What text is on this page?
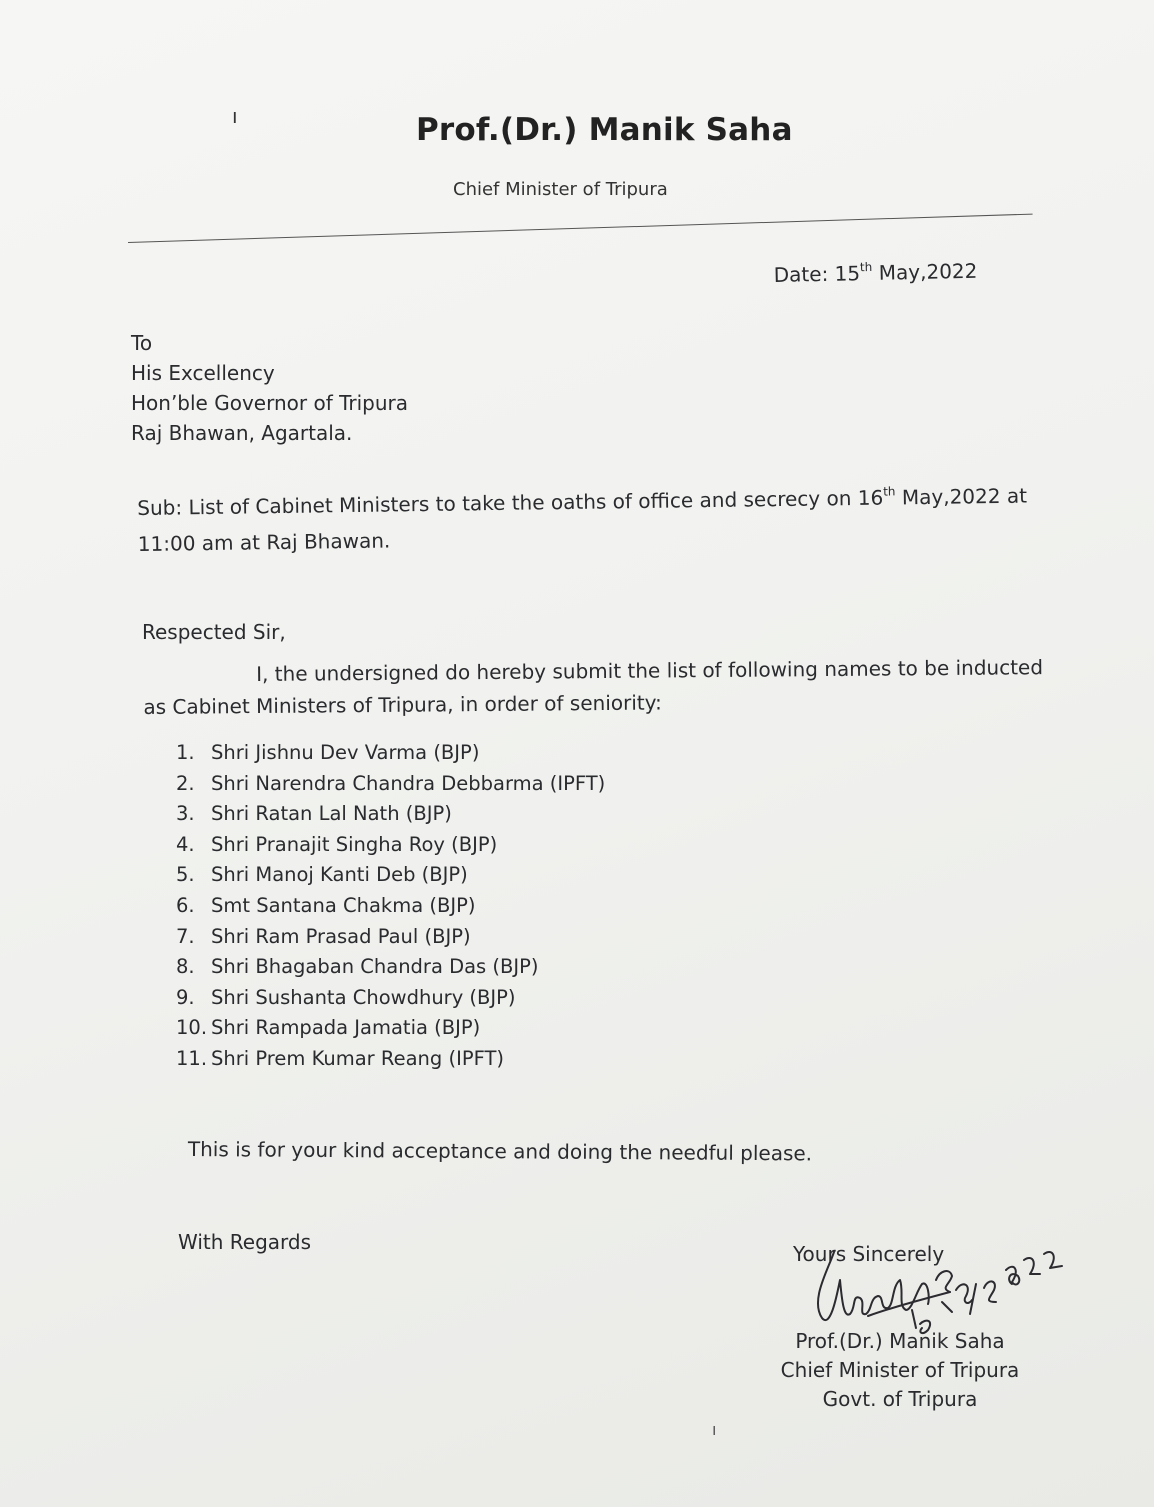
ı	Prof.(Dr.) Manik Saha
Chief Minister of Tripura
Date: 15th May,2022
To
His Excellency
Hon’ble Governor of Tripura
Raj Bhawan, Agartala.
Sub: List of Cabinet Ministers to take the oaths of office and secrecy on 16th May,2022 at
11:00 am at Raj Bhawan.
Respected Sir,
I, the undersigned do hereby submit the list of following names to be inducted
as Cabinet Ministers of Tripura, in order of seniority:
1. Shri Jishnu Dev Varma (BJP)
2. Shri Narendra Chandra Debbarma (IPFT)
3. Shri Ratan Lal Nath (BJP)
4. Shri Pranajit Singha Roy (BJP)
5. Shri Manoj Kanti Deb (BJP)
6. Smt Santana Chakma (BJP)
7. Shri Ram Prasad Paul (BJP)
8. Shri Bhagaban Chandra Das (BJP)
9. Shri Sushanta Chowdhury (BJP)
10. Shri Rampada Jamatia (BJP)
11. Shri Prem Kumar Reang (IPFT)
This is for your kind acceptance and doing the needful please.
With Regards	Yours Sincerely
Prof.(Dr.) Manik Saha
Chief Minister of Tripura
Govt. of Tripura
ı
